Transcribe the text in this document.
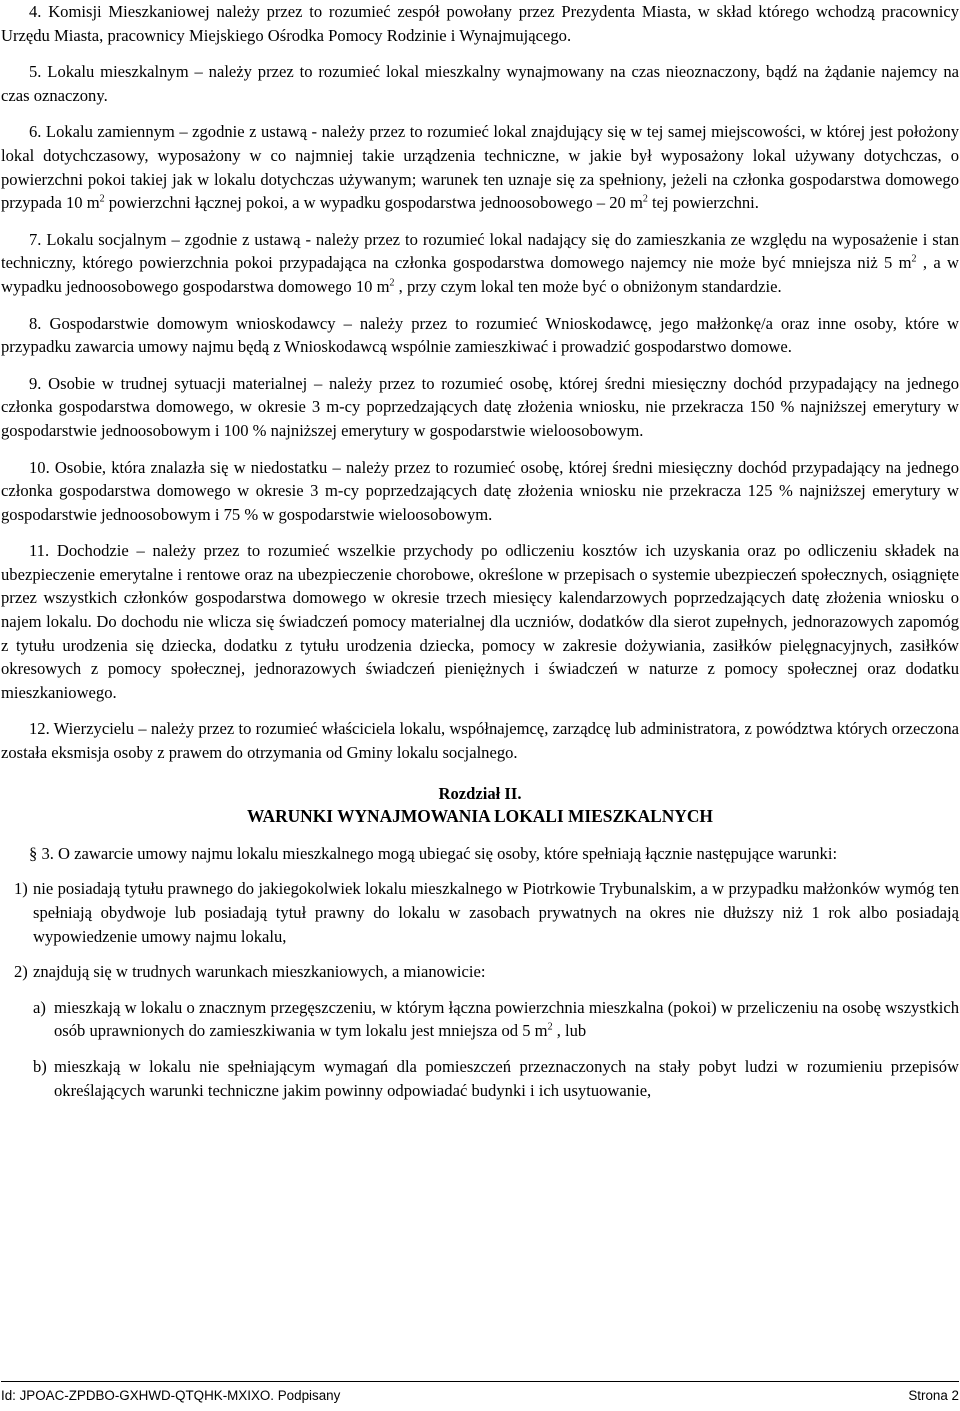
4. Komisji Mieszkaniowej należy przez to rozumieć zespół powołany przez Prezydenta Miasta, w skład którego wchodzą pracownicy Urzędu Miasta, pracownicy Miejskiego Ośrodka Pomocy Rodzinie i Wynajmującego.

5. Lokalu mieszkalnym – należy przez to rozumieć lokal mieszkalny wynajmowany na czas nieoznaczony, bądź na żądanie najemcy na czas oznaczony.

6. Lokalu zamiennym – zgodnie z ustawą - należy przez to rozumieć lokal znajdujący się w tej samej miejscowości, w której jest położony lokal dotychczasowy, wyposażony w co najmniej takie urządzenia techniczne, w jakie był wyposażony lokal używany dotychczas, o powierzchni pokoi takiej jak w lokalu dotychczas używanym; warunek ten uznaje się za spełniony, jeżeli na członka gospodarstwa domowego przypada 10 $m^2$ powierzchni łącznej pokoi, a w wypadku gospodarstwa jednoosobowego – 20 $m^2$ tej powierzchni.

7. Lokalu socjalnym – zgodnie z ustawą - należy przez to rozumieć lokal nadający się do zamieszkania ze względu na wyposażenie i stan techniczny, którego powierzchnia pokoi przypadająca na członka gospodarstwa domowego najemcy nie może być mniejsza niż 5 $m^2$ , a w wypadku jednoosobowego gospodarstwa domowego 10 $m^2$ , przy czym lokal ten może być o obniżonym standardzie.

8. Gospodarstwie domowym wnioskodawcy – należy przez to rozumieć Wnioskodawcę, jego małżonkę/a oraz inne osoby, które w przypadku zawarcia umowy najmu będą z Wnioskodawcą wspólnie zamieszkiwać i prowadzić gospodarstwo domowe.

9. Osobie w trudnej sytuacji materialnej – należy przez to rozumieć osobę, której średni miesięczny dochód przypadający na jednego członka gospodarstwa domowego, w okresie 3 m-cy poprzedzających datę złożenia wniosku, nie przekracza 150 % najniższej emerytury w gospodarstwie jednoosobowym i 100 % najniższej emerytury w gospodarstwie wieloosobowym.

10. Osobie, która znalazła się w niedostatku – należy przez to rozumieć osobę, której średni miesięczny dochód przypadający na jednego członka gospodarstwa domowego w okresie 3 m-cy poprzedzających datę złożenia wniosku nie przekracza 125 % najniższej emerytury w gospodarstwie jednoosobowym i 75 % w gospodarstwie wieloosobowym.

11. Dochodzie – należy przez to rozumieć wszelkie przychody po odliczeniu kosztów ich uzyskania oraz po odliczeniu składek na ubezpieczenie emerytalne i rentowe oraz na ubezpieczenie chorobowe, określone w przepisach o systemie ubezpieczeń społecznych, osiągnięte przez wszystkich członków gospodarstwa domowego w okresie trzech miesięcy kalendarzowych poprzedzających datę złożenia wniosku o najem lokalu. Do dochodu nie wlicza się świadczeń pomocy materialnej dla uczniów, dodatków dla sierot zupełnych, jednorazowych zapomóg z tytułu urodzenia się dziecka, dodatku z tytułu urodzenia dziecka, pomocy w zakresie dożywiania, zasiłków pielęgnacyjnych, zasiłków okresowych z pomocy społecznej, jednorazowych świadczeń pieniężnych i świadczeń w naturze z pomocy społecznej oraz dodatku mieszkaniowego.

12. Wierzycielu – należy przez to rozumieć właściciela lokalu, współnajemcę, zarządcę lub administratora, z powództwa których orzeczona została eksmisja osoby z prawem do otrzymania od Gminy lokalu socjalnego.

Rozdział II.
WARUNKI WYNAJMOWANIA LOKALI MIESZKALNYCH

§ 3. O zawarcie umowy najmu lokalu mieszkalnego mogą ubiegać się osoby, które spełniają łącznie następujące warunki:

1) nie posiadają tytułu prawnego do jakiegokolwiek lokalu mieszkalnego w Piotrkowie Trybunalskim, a w przypadku małżonków wymóg ten spełniają obydwoje lub posiadają tytuł prawny do lokalu w zasobach prywatnych na okres nie dłuższy niż 1 rok albo posiadają wypowiedzenie umowy najmu lokalu,
2) znajdują się w trudnych warunkach mieszkaniowych, a mianowicie:
a) mieszkają w lokalu o znacznym przegęszczeniu, w którym łączna powierzchnia mieszkalna (pokoi) w przeliczeniu na osobę wszystkich osób uprawnionych do zamieszkiwania w tym lokalu jest mniejsza od 5 $m^2$ , lub
b) mieszkają w lokalu nie spełniającym wymagań dla pomieszczeń przeznaczonych na stały pobyt ludzi w rozumieniu przepisów określających warunki techniczne jakim powinny odpowiadać budynki i ich usytuowanie,
Id: JPOAC-ZPDBO-GXHWD-QTQHK-MXIXO. Podpisany	Strona 2
